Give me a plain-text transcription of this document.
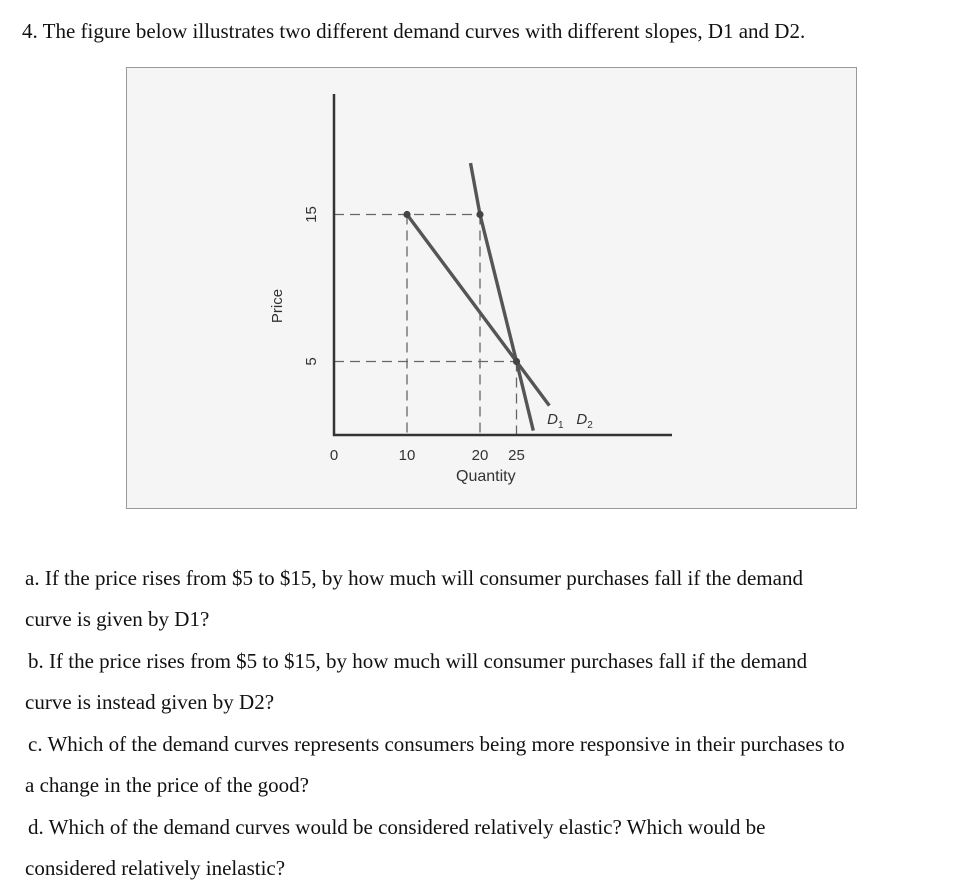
4. The figure below illustrates two different demand curves with different slopes, D1 and D2.
Price
Quantity
$D_1$ $D_2$
0	10	20 25
5
15
a. If the price rises from $5 to $15, by how much will consumer purchases fall if the demand
curve is given by D1?
b. If the price rises from $5 to $15, by how much will consumer purchases fall if the demand
curve is instead given by D2?
c. Which of the demand curves represents consumers being more responsive in their purchases to
a change in the price of the good?
d. Which of the demand curves would be considered relatively elastic? Which would be
considered relatively inelastic?
